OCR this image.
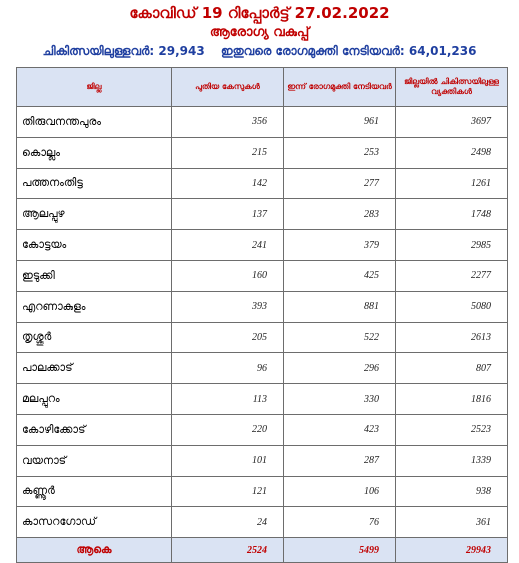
കോവിഡ് 19 റിപ്പോർട്ട് 27.02.2022
ആരോഗ്യ വകുപ്പ്
ചികിത്സയിലുള്ളവർ: 29,943 ഇതുവരെ രോഗമുക്തി നേടിയവർ: 64,01,236
ജില്ല	പുതിയ കേസുകൾ	ഇന്ന് രോഗമുക്തി നേടിയവർ	ജില്ലയിൽ ചികിത്സയിലുള്ള വ്യക്തികൾ
തിരുവനന്തപുരം	356	961	3697
കൊല്ലം	215	253	2498
പത്തനംതിട്ട	142	277	1261
ആലപ്പുഴ	137	283	1748
കോട്ടയം	241	379	2985
ഇടുക്കി	160	425	2277
എറണാകുളം	393	881	5080
തൃശ്ശൂർ	205	522	2613
പാലക്കാട്	96	296	807
മലപ്പുറം	113	330	1816
കോഴിക്കോട്	220	423	2523
വയനാട്	101	287	1339
കണ്ണൂർ	121	106	938
കാസറഗോഡ്	24	76	361
ആകെ	2524	5499	29943
